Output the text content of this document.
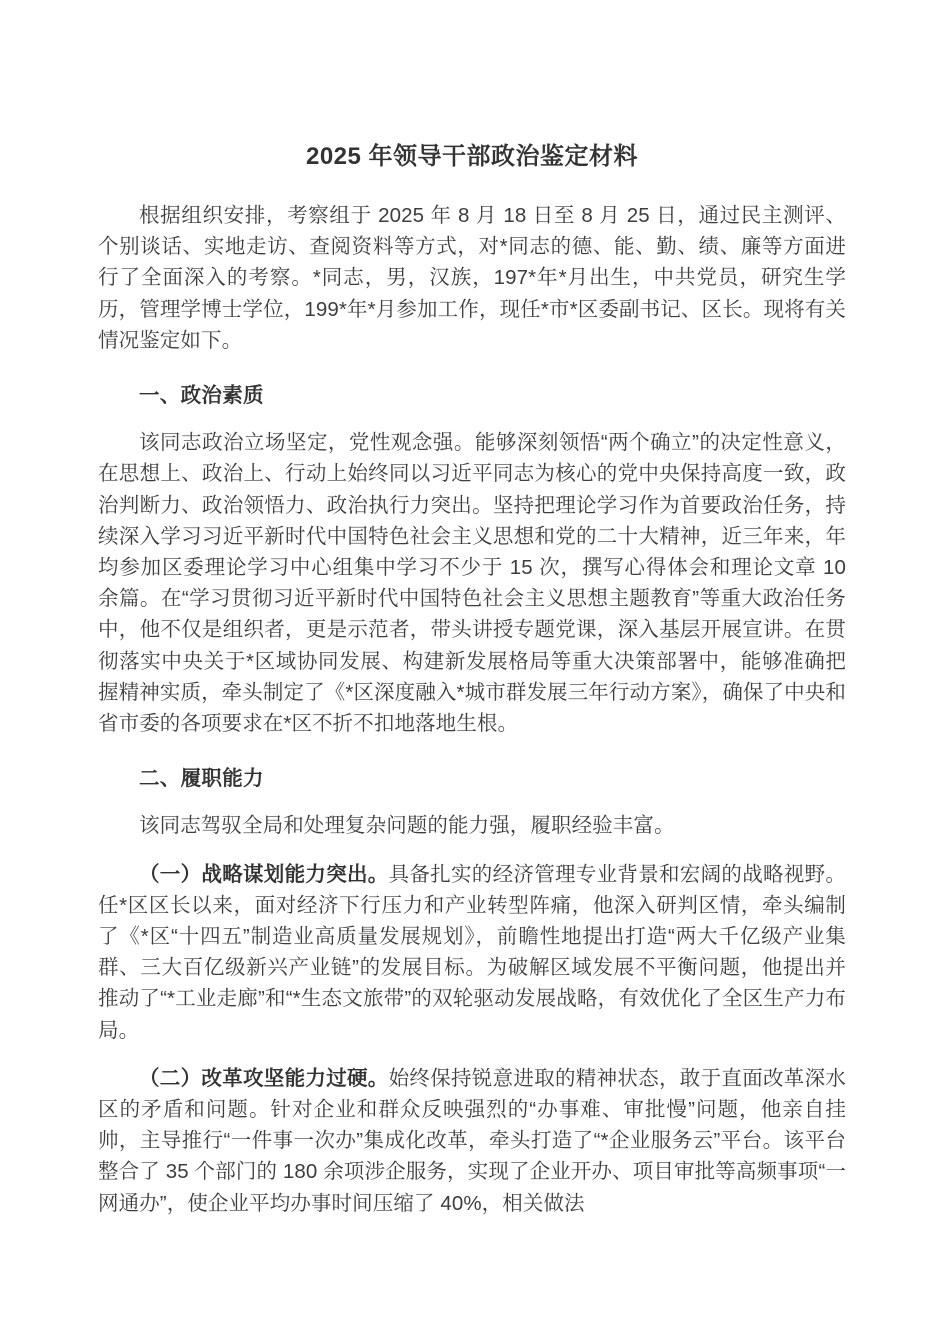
2025 年领导干部政治鉴定材料

根据组织安排，考察组于 2025 年 8 月 18 日至 8 月 25 日，通过民主测评、个别谈话、实地走访、查阅资料等方式，对*同志的德、能、勤、绩、廉等方面进行了全面深入的考察。*同志，男，汉族，197*年*月出生，中共党员，研究生学历，管理学博士学位，199*年*月参加工作，现任*市*区委副书记、区长。现将有关情况鉴定如下。

一、政治素质

该同志政治立场坚定，党性观念强。能够深刻领悟“两个确立”的决定性意义，在思想上、政治上、行动上始终同以习近平同志为核心的党中央保持高度一致，政治判断力、政治领悟力、政治执行力突出。坚持把理论学习作为首要政治任务，持续深入学习习近平新时代中国特色社会主义思想和党的二十大精神，近三年来，年均参加区委理论学习中心组集中学习不少于 15 次，撰写心得体会和理论文章 10 余篇。在“学习贯彻习近平新时代中国特色社会主义思想主题教育”等重大政治任务中，他不仅是组织者，更是示范者，带头讲授专题党课，深入基层开展宣讲。在贯彻落实中央关于*区域协同发展、构建新发展格局等重大决策部署中，能够准确把握精神实质，牵头制定了《*区深度融入*城市群发展三年行动方案》，确保了中央和省市委的各项要求在*区不折不扣地落地生根。

二、履职能力

该同志驾驭全局和处理复杂问题的能力强，履职经验丰富。

（一）战略谋划能力突出。具备扎实的经济管理专业背景和宏阔的战略视野。任*区区长以来，面对经济下行压力和产业转型阵痛，他深入研判区情，牵头编制了《*区“十四五”制造业高质量发展规划》，前瞻性地提出打造“两大千亿级产业集群、三大百亿级新兴产业链”的发展目标。为破解区域发展不平衡问题，他提出并推动了“*工业走廊”和“*生态文旅带”的双轮驱动发展战略，有效优化了全区生产力布局。

（二）改革攻坚能力过硬。始终保持锐意进取的精神状态，敢于直面改革深水区的矛盾和问题。针对企业和群众反映强烈的“办事难、审批慢”问题，他亲自挂帅，主导推行“一件事一次办”集成化改革，牵头打造了“*企业服务云”平台。该平台整合了 35 个部门的 180 余项涉企服务，实现了企业开办、项目审批等高频事项“一网通办”，使企业平均办事时间压缩了 40%，相关做法
